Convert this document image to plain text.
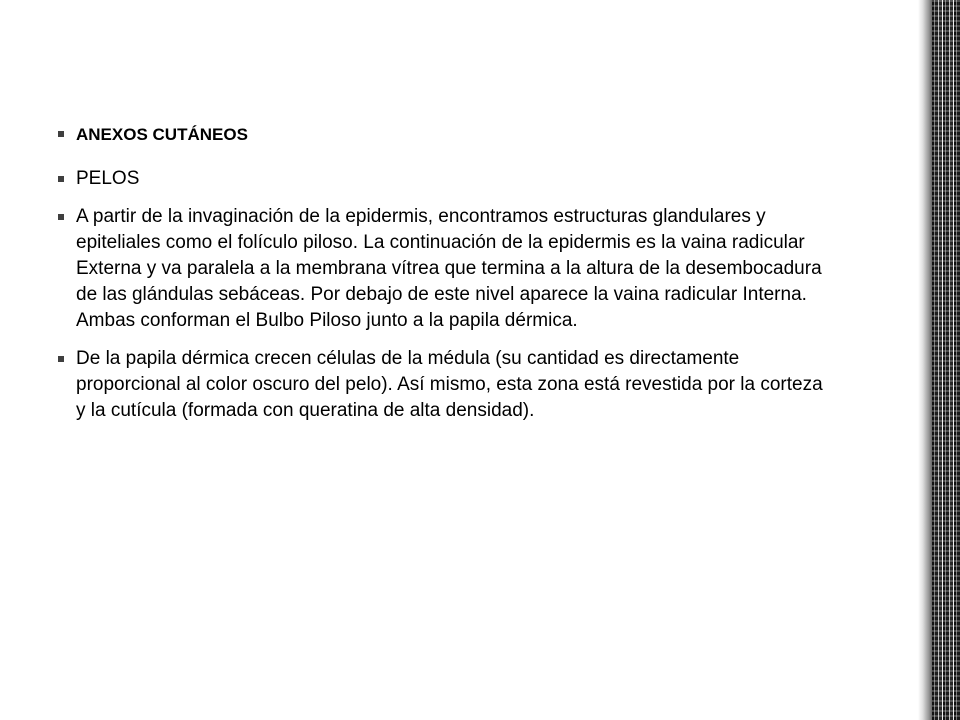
ANEXOS CUTÁNEOS
PELOS
A partir de la invaginación de la epidermis, encontramos estructuras glandulares y epiteliales como el folículo piloso. La continuación de la epidermis es la vaina radicular Externa y va paralela a la membrana vítrea que termina a la altura de la desembocadura de las glándulas sebáceas. Por debajo de este nivel aparece la vaina radicular Interna. Ambas conforman el Bulbo Piloso junto a la papila dérmica.
De la papila dérmica crecen células de la médula (su cantidad es directamente proporcional al color oscuro del pelo). Así mismo, esta zona está revestida por la corteza y la cutícula (formada con queratina de alta densidad).
